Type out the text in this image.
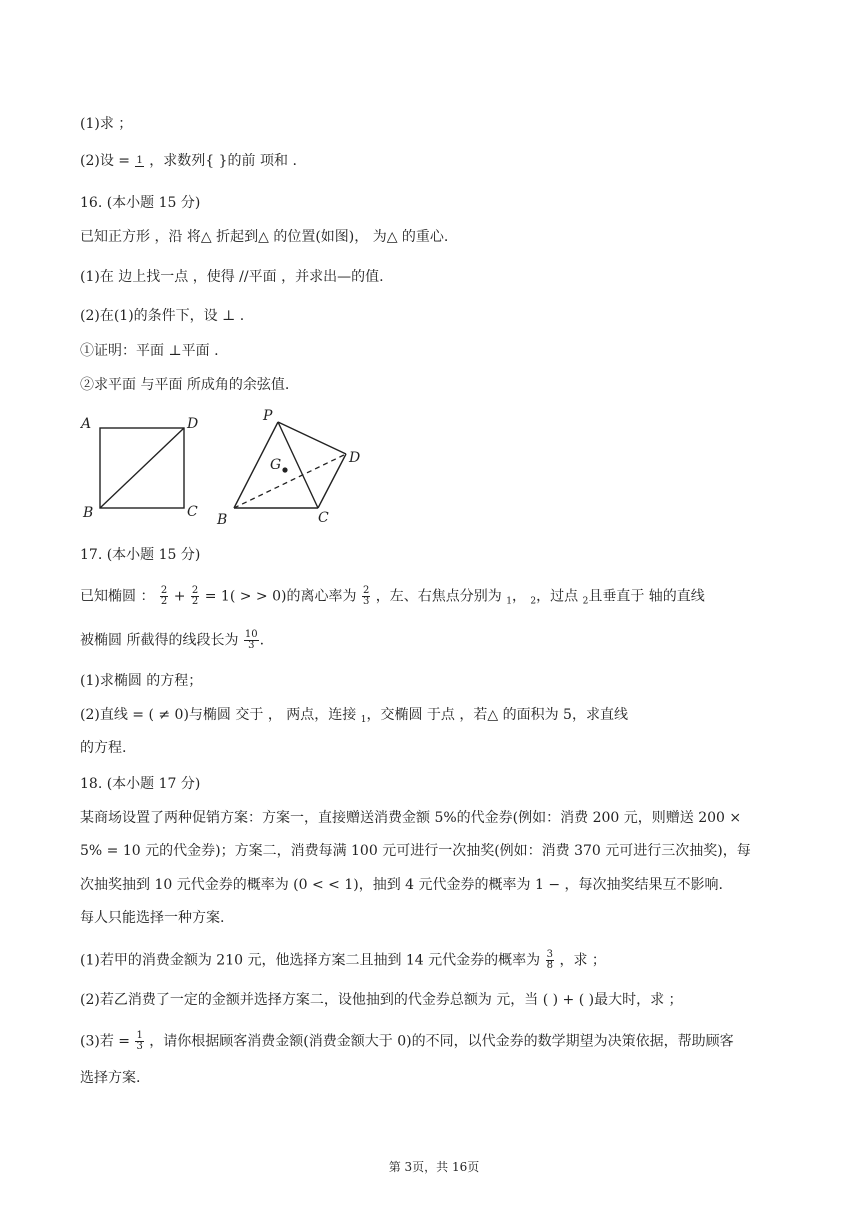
(1)求 ；
(2)设 = 1 ，求数列{ }的前 项和 .
16. (本小题 15 分)
已知正方形 ，沿 将△ 折起到△ 的位置(如图)， 为△ 的重心.
(1)在 边上找一点 ，使得 //平面 ，并求出—的值.
(2)在(1)的条件下，设 ⊥ .
①证明：平面 ⊥平面 .
②求平面 与平面 所成角的余弦值.
A	D
B	C
P
G	D
B	C
17. (本小题 15 分)
已知椭圆 ： $\frac{2}{2} + \frac{2}{2} = 1$( > > 0)的离心率为 $\frac{2}{3}$ ，左、右焦点分别为 $_1$， $_2$，过点 $_2$且垂直于 轴的直线
被椭圆 所截得的线段长为 $\frac{10}{3}$ .
(1)求椭圆 的方程；
(2)直线 = ( ≠ 0)与椭圆 交于 ， 两点，连接 $_1$，交椭圆 于点 ，若△ 的面积为 5，求直线
的方程.
18. (本小题 17 分)
某商场设置了两种促销方案：方案一，直接赠送消费金额 5%的代金券(例如：消费 200 元，则赠送 200 ×
5% = 10 元的代金券)；方案二，消费每满 100 元可进行一次抽奖(例如：消费 370 元可进行三次抽奖)，每
次抽奖抽到 10 元代金券的概率为 (0 < < 1)，抽到 4 元代金券的概率为 1 − ，每次抽奖结果互不影响.
每人只能选择一种方案.
(1)若甲的消费金额为 210 元，他选择方案二且抽到 14 元代金券的概率为 $\frac{3}{8}$ ，求 ；
(2)若乙消费了一定的金额并选择方案二，设他抽到的代金券总额为 元，当 ( ) + ( )最大时，求 ；
(3)若 = $\frac{1}{3}$ ，请你根据顾客消费金额(消费金额大于 0)的不同，以代金券的数学期望为决策依据，帮助顾客
选择方案.
第 3页，共 16页
